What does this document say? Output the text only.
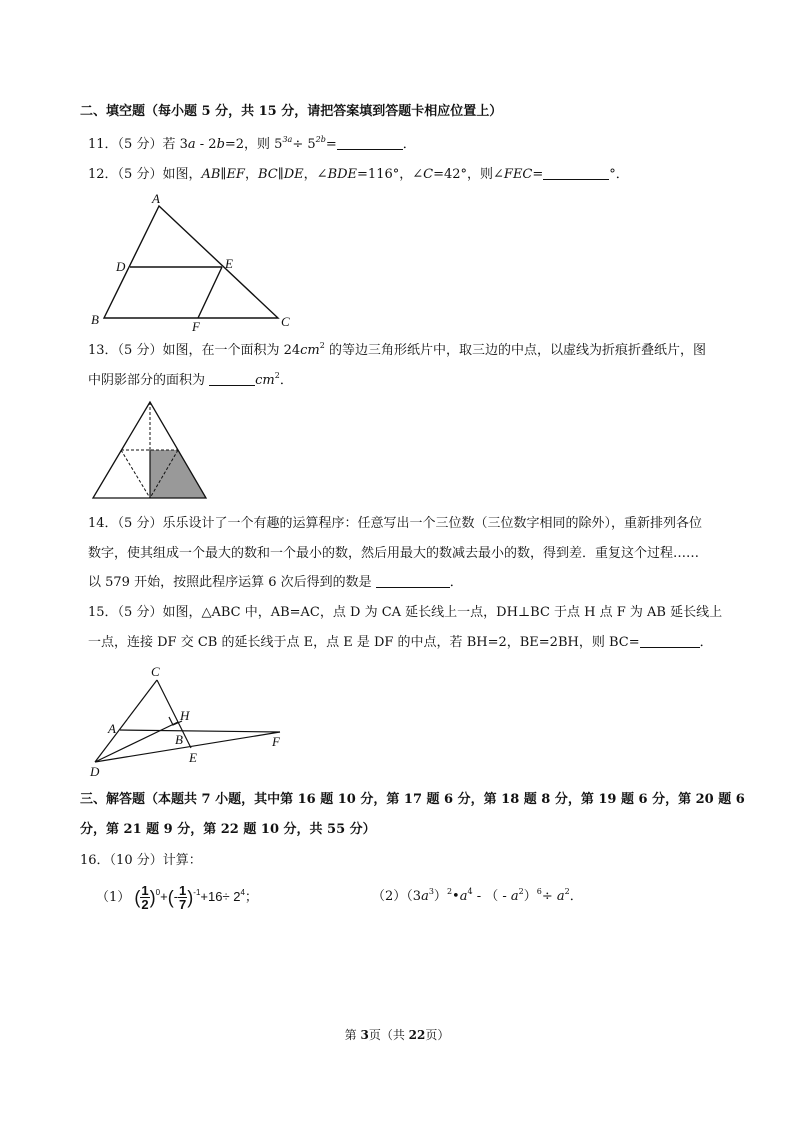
二、填空题（每小题 5 分，共 15 分，请把答案填到答题卡相应位置上）
11．（5 分）若 3a - 2b=2，则 $5^{3a}\div 5^{2b}=$	．
12．（5 分）如图，AB∥EF，BC∥DE，∠BDE=116°，∠C=42°，则∠FEC=	°．
A
D	E
B	F	C
13．（5 分）如图，在一个面积为 $24cm^2$ 的等边三角形纸片中，取三边的中点，以虚线为折痕折叠纸片，图
中阴影部分的面积为	$cm^2$．
14．（5 分）乐乐设计了一个有趣的运算程序：任意写出一个三位数（三位数字相同的除外），重新排列各位
数字，使其组成一个最大的数和一个最小的数，然后用最大的数减去最小的数，得到差．重复这个过程……
以 579 开始，按照此程序运算 6 次后得到的数是	．
15．（5 分）如图，△ABC 中，AB=AC，点 D 为 CA 延长线上一点，DH⊥BC 于点 H 点 F 为 AB 延长线上
一点，连接 DF 交 CB 的延长线于点 E，点 E 是 DF 的中点，若 BH=2，BE=2BH，则 BC=	．
C
A
H
B	F
E
D
三、解答题（本题共 7 小题，其中第 16 题 10 分，第 17 题 6 分，第 18 题 8 分，第 19 题 6 分，第 20 题 6
分，第 21 题 9 分，第 22 题 10 分，共 55 分）
16．（10 分）计算：
（1） ( $\frac{1}{2} )^0+(- \frac{1}{7} )^{-1}+16\div 2^4$；	$(2)(3a^3)^2•a^4$ - （ - $a^2)^6\div a^2$．
第 3页（共 22页）
